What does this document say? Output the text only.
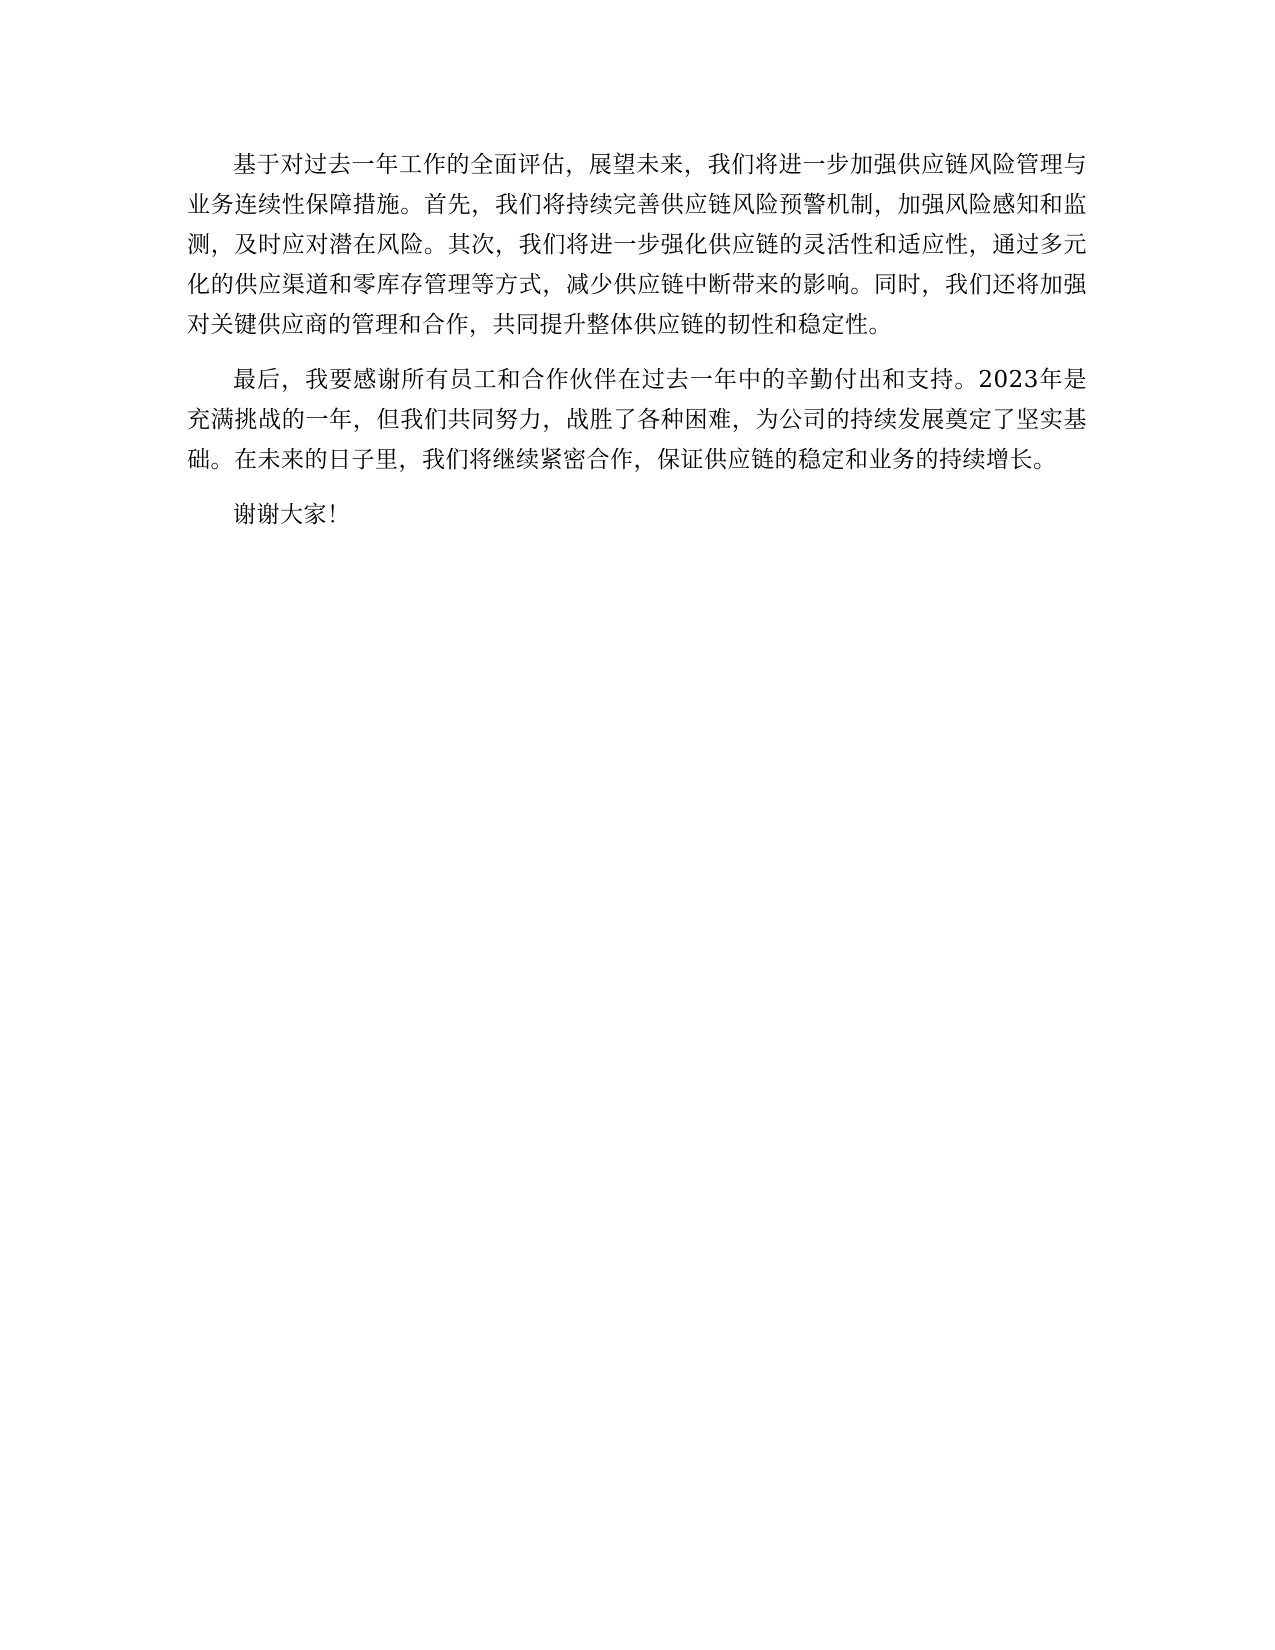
基于对过去一年工作的全面评估，展望未来，我们将进一步加强供应链风险管理与业务连续性保障措施。首先，我们将持续完善供应链风险预警机制，加强风险感知和监测，及时应对潜在风险。其次，我们将进一步强化供应链的灵活性和适应性，通过多元化的供应渠道和零库存管理等方式，减少供应链中断带来的影响。同时，我们还将加强对关键供应商的管理和合作，共同提升整体供应链的韧性和稳定性。

最后，我要感谢所有员工和合作伙伴在过去一年中的辛勤付出和支持。2023年是充满挑战的一年，但我们共同努力，战胜了各种困难，为公司的持续发展奠定了坚实基础。在未来的日子里，我们将继续紧密合作，保证供应链的稳定和业务的持续增长。

谢谢大家！
